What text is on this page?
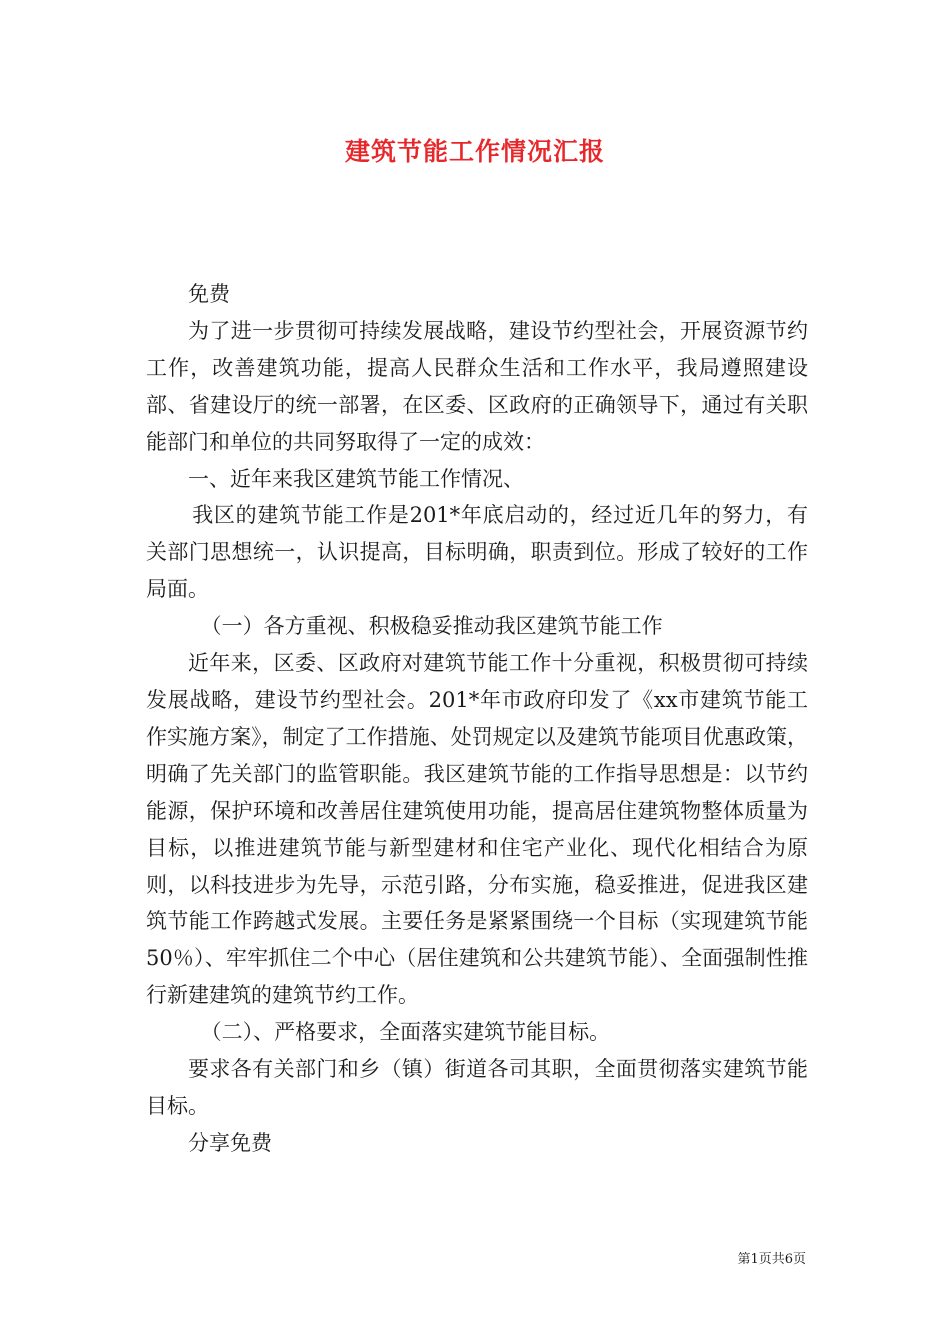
建筑节能工作情况汇报

免费

为了进一步贯彻可持续发展战略，建设节约型社会，开展资源节约工作，改善建筑功能，提高人民群众生活和工作水平，我局遵照建设部、省建设厅的统一部署，在区委、区政府的正确领导下，通过有关职能部门和单位的共同努取得了一定的成效：

一、近年来我区建筑节能工作情况、

我区的建筑节能工作是201*年底启动的，经过近几年的努力，有关部门思想统一，认识提高，目标明确，职责到位。形成了较好的工作局面。

（一）各方重视、积极稳妥推动我区建筑节能工作

近年来，区委、区政府对建筑节能工作十分重视，积极贯彻可持续发展战略，建设节约型社会。201*年市政府印发了《xx市建筑节能工作实施方案》，制定了工作措施、处罚规定以及建筑节能项目优惠政策，明确了先关部门的监管职能。我区建筑节能的工作指导思想是：以节约能源，保护环境和改善居住建筑使用功能，提高居住建筑物整体质量为目标，以推进建筑节能与新型建材和住宅产业化、现代化相结合为原则，以科技进步为先导，示范引路，分布实施，稳妥推进，促进我区建筑节能工作跨越式发展。主要任务是紧紧围绕一个目标（实现建筑节能50％）、牢牢抓住二个中心（居住建筑和公共建筑节能）、全面强制性推行新建建筑的建筑节约工作。

（二）、严格要求，全面落实建筑节能目标。

要求各有关部门和乡（镇）街道各司其职，全面贯彻落实建筑节能目标。

分享免费

第1页共6页
